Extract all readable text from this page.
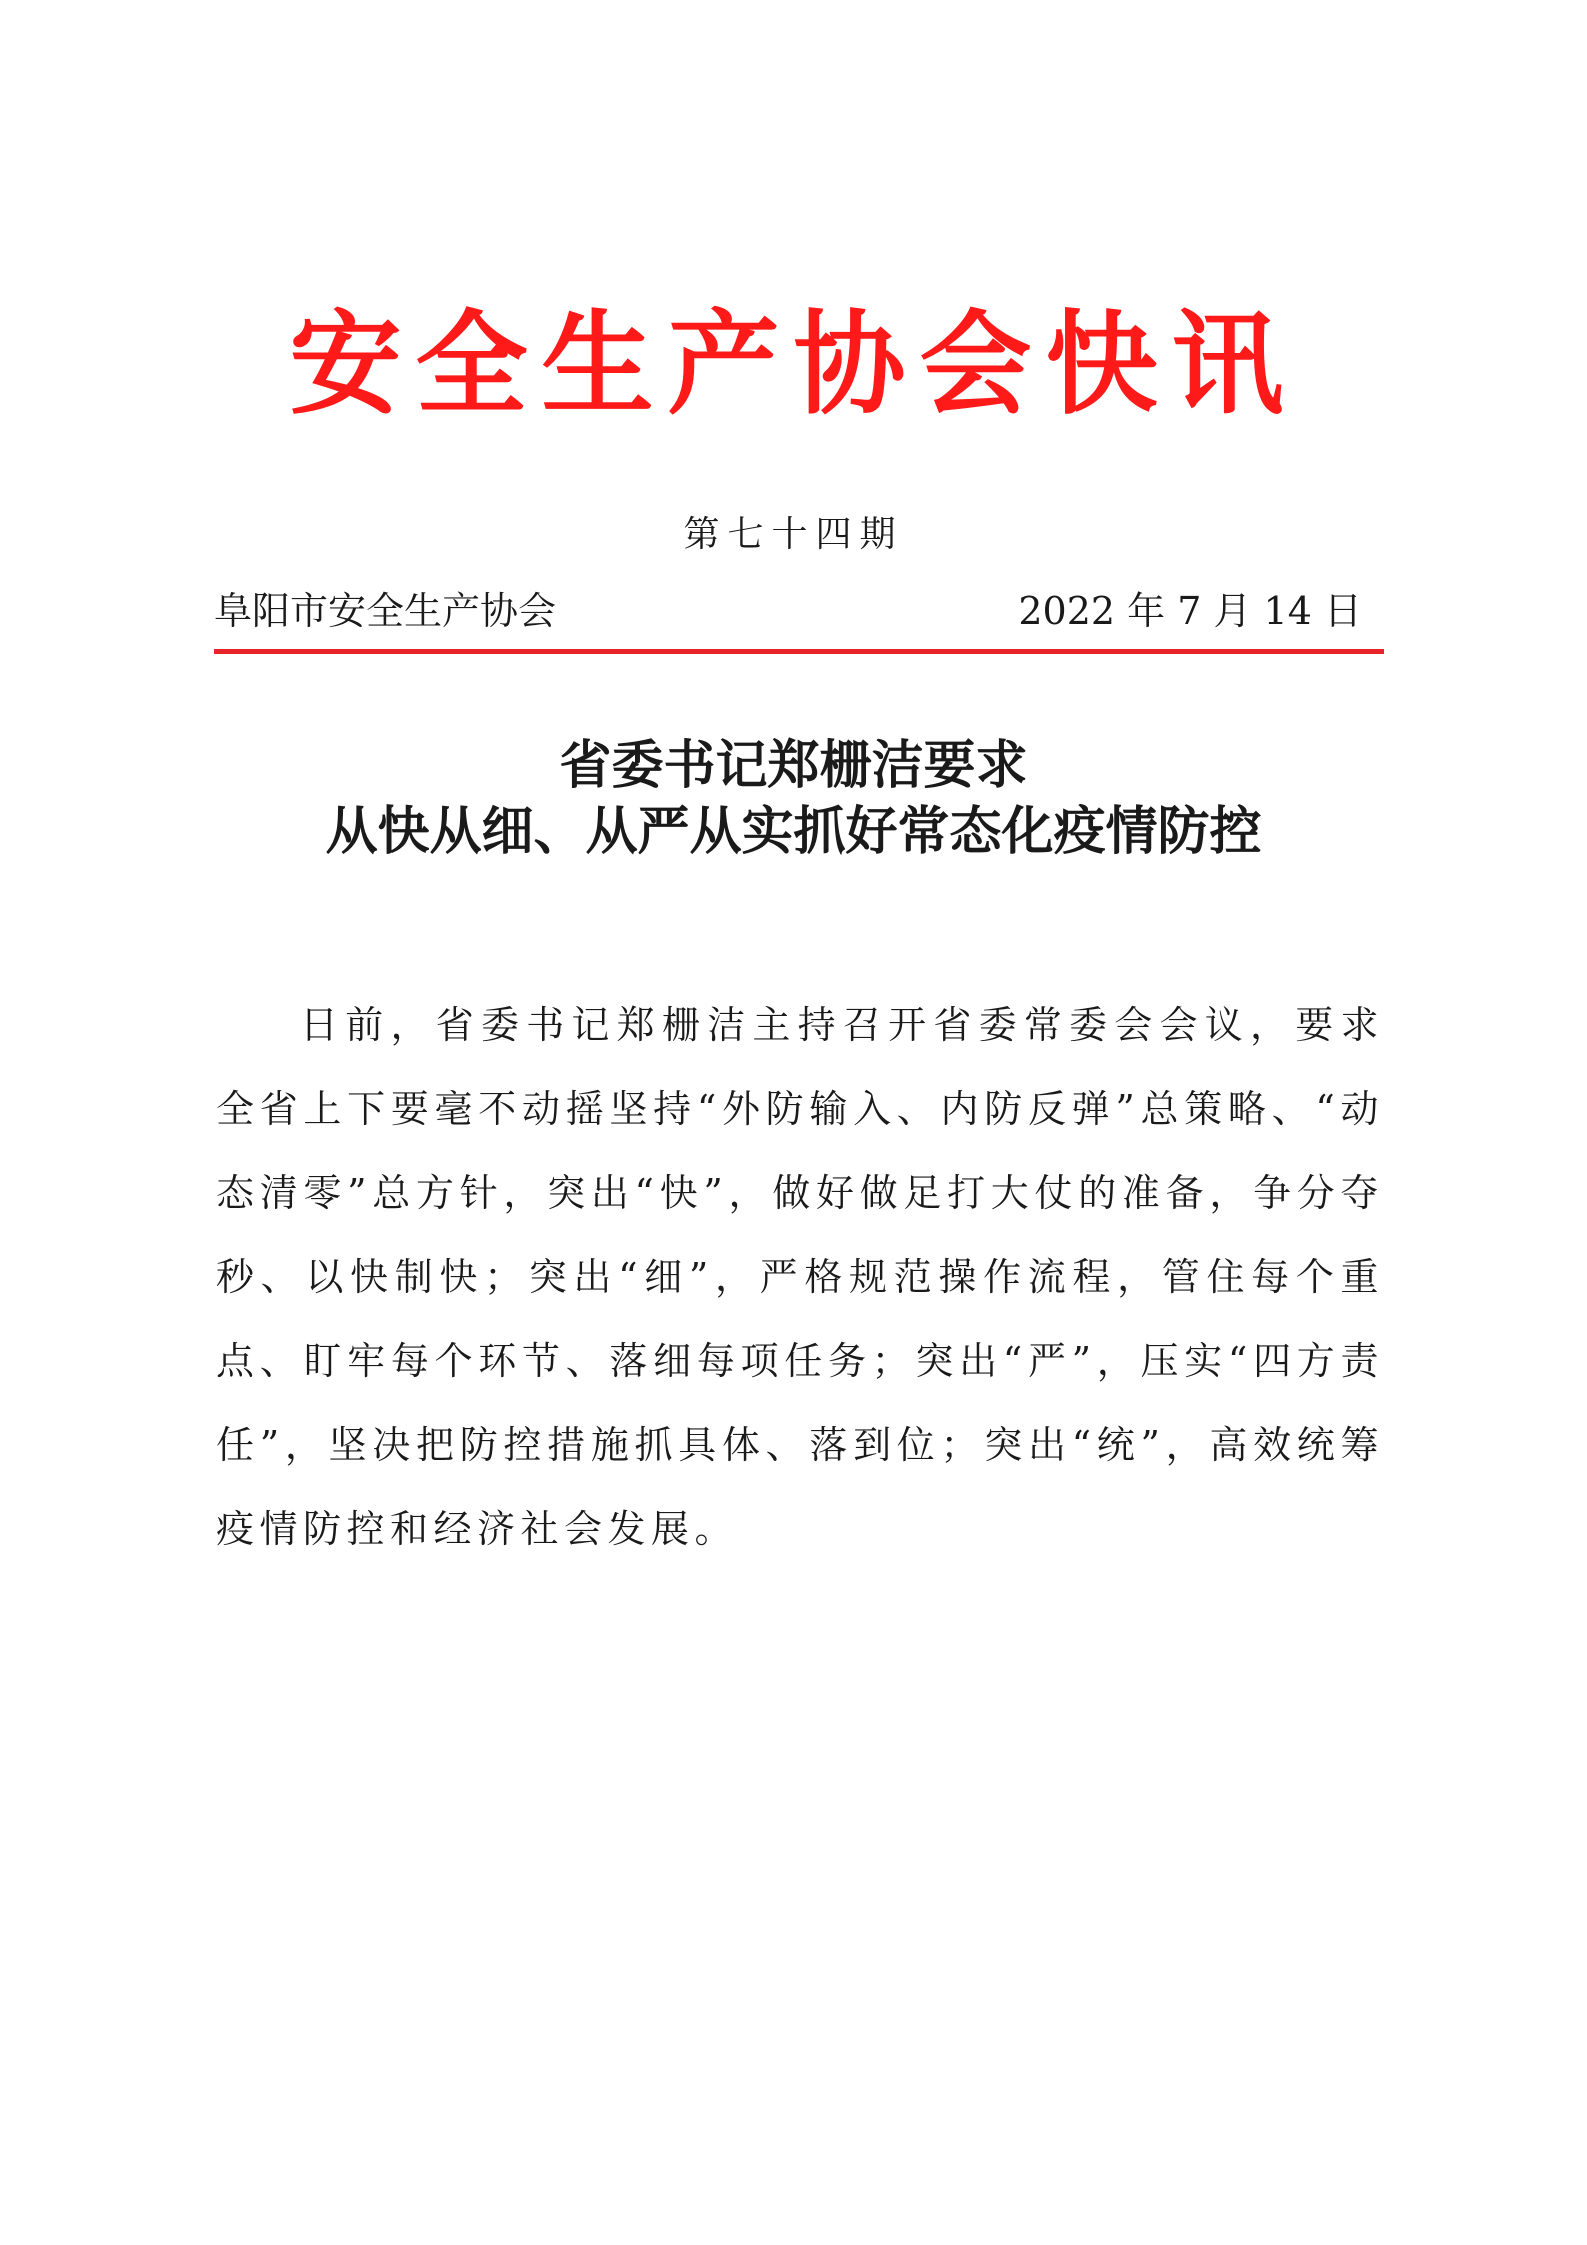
安全生产协会快讯
第七十四期
阜阳市安全生产协会	2022 年 7 月 14 日
省委书记郑栅洁要求
从快从细、从严从实抓好常态化疫情防控

日前，省委书记郑栅洁主持召开省委常委会会议，要求全省上下要毫不动摇坚持“外防输入、内防反弹”总策略、“动态清零”总方针，突出“快”，做好做足打大仗的准备，争分夺秒、以快制快；突出“细”，严格规范操作流程，管住每个重点、盯牢每个环节、落细每项任务；突出“严”，压实“四方责任”，坚决把防控措施抓具体、落到位；突出“统”，高效统筹疫情防控和经济社会发展。
